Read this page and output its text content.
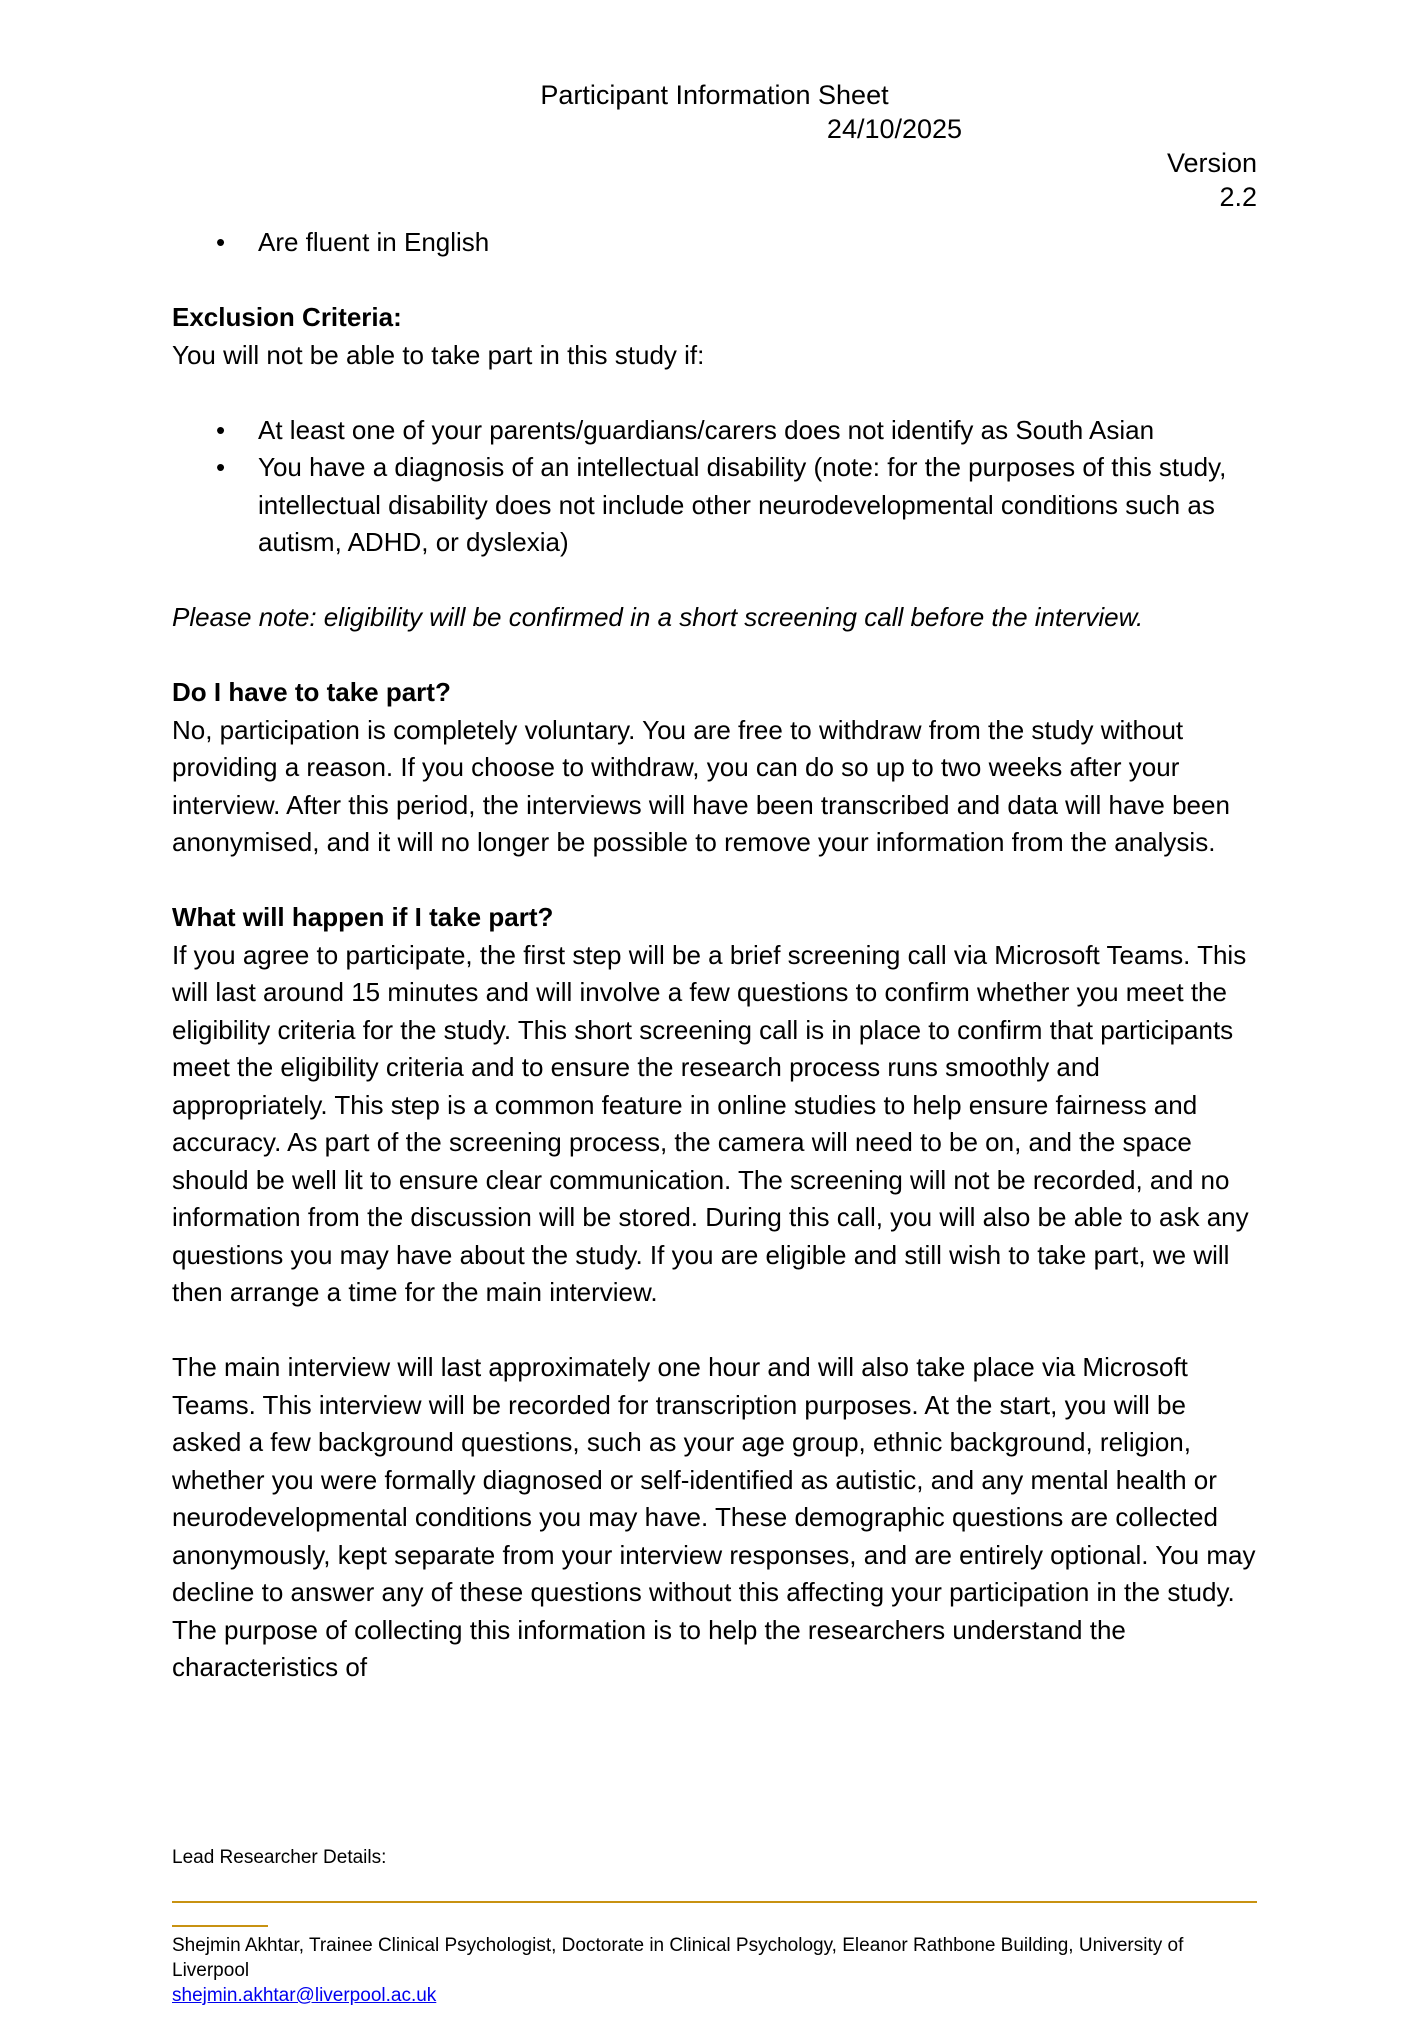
Participant Information Sheet

24/10/2025

Version
2.2
• Are fluent in English

Exclusion Criteria:

You will not be able to take part in this study if:

• At least one of your parents/guardians/carers does not identify as South Asian
• You have a diagnosis of an intellectual disability (note: for the purposes of this study, intellectual disability does not include other neurodevelopmental conditions such as autism, ADHD, or dyslexia)

Please note: eligibility will be confirmed in a short screening call before the interview.

Do I have to take part?

No, participation is completely voluntary. You are free to withdraw from the study without providing a reason. If you choose to withdraw, you can do so up to two weeks after your interview. After this period, the interviews will have been transcribed and data will have been anonymised, and it will no longer be possible to remove your information from the analysis.

What will happen if I take part?

If you agree to participate, the first step will be a brief screening call via Microsoft Teams. This will last around 15 minutes and will involve a few questions to confirm whether you meet the eligibility criteria for the study. This short screening call is in place to confirm that participants meet the eligibility criteria and to ensure the research process runs smoothly and appropriately. This step is a common feature in online studies to help ensure fairness and accuracy. As part of the screening process, the camera will need to be on, and the space should be well lit to ensure clear communication. The screening will not be recorded, and no information from the discussion will be stored. During this call, you will also be able to ask any questions you may have about the study. If you are eligible and still wish to take part, we will then arrange a time for the main interview.

The main interview will last approximately one hour and will also take place via Microsoft Teams. This interview will be recorded for transcription purposes. At the start, you will be asked a few background questions, such as your age group, ethnic background, religion, whether you were formally diagnosed or self-identified as autistic, and any mental health or neurodevelopmental conditions you may have. These demographic questions are collected anonymously, kept separate from your interview responses, and are entirely optional. You may decline to answer any of these questions without this affecting your participation in the study. The purpose of collecting this information is to help the researchers understand the characteristics of

Lead Researcher Details:

Shejmin Akhtar, Trainee Clinical Psychologist, Doctorate in Clinical Psychology, Eleanor Rathbone Building, University of Liverpool

shejmin.akhtar@liverpool.ac.uk
